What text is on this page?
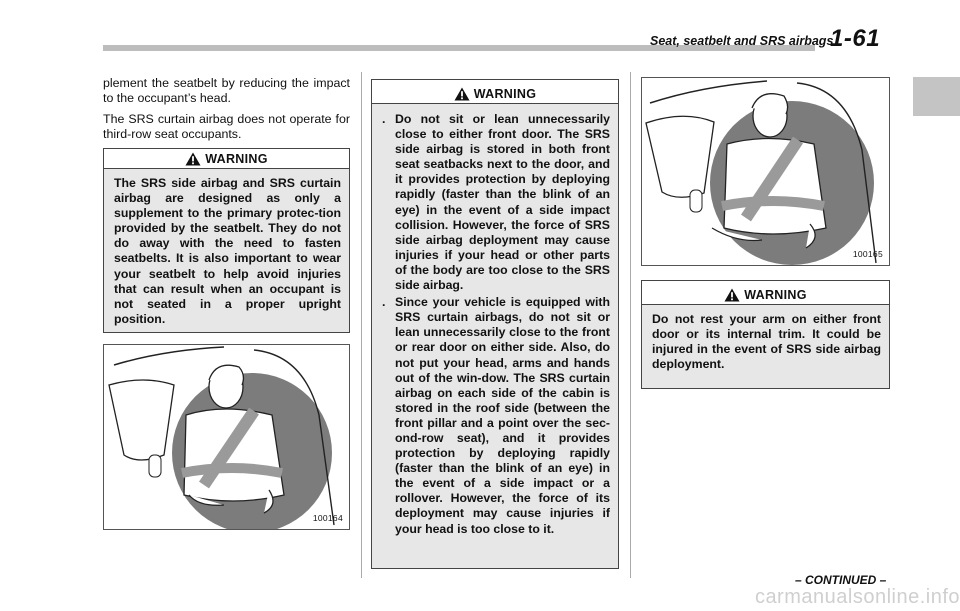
Seat, seatbelt and SRS airbags
1-61

plement the seatbelt by reducing the impact to the occupant’s head.

The SRS curtain airbag does not operate for third-row seat occupants.

WARNING

The SRS side airbag and SRS curtain airbag are designed as only a supplement to the primary protec-tion provided by the seatbelt. They do not do away with the need to fasten seatbelts. It is also important to wear your seatbelt to help avoid injuries that can result when an occupant is not seated in a proper upright position.

100164
WARNING
. Do not sit or lean unnecessarily close to either front door. The SRS side airbag is stored in both front seat seatbacks next to the door, and it provides protection by deploying rapidly (faster than the blink of an eye) in the event of a side impact collision. However, the force of SRS side airbag deployment may cause injuries if your head or other parts of the body are too close to the SRS side airbag.
. Since your vehicle is equipped with SRS curtain airbags, do not sit or lean unnecessarily close to the front or rear door on either side. Also, do not put your head, arms and hands out of the win-dow. The SRS curtain airbag on each side of the cabin is stored in the roof side (between the front pillar and a point over the sec-ond-row seat), and it provides protection by deploying rapidly (faster than the blink of an eye) in the event of a side impact or a rollover. However, the force of its deployment may cause injuries if your head is too close to it.
100165
WARNING

Do not rest your arm on either front door or its internal trim. It could be injured in the event of SRS side airbag deployment.

– CONTINUED –
carmanualsonline.info
